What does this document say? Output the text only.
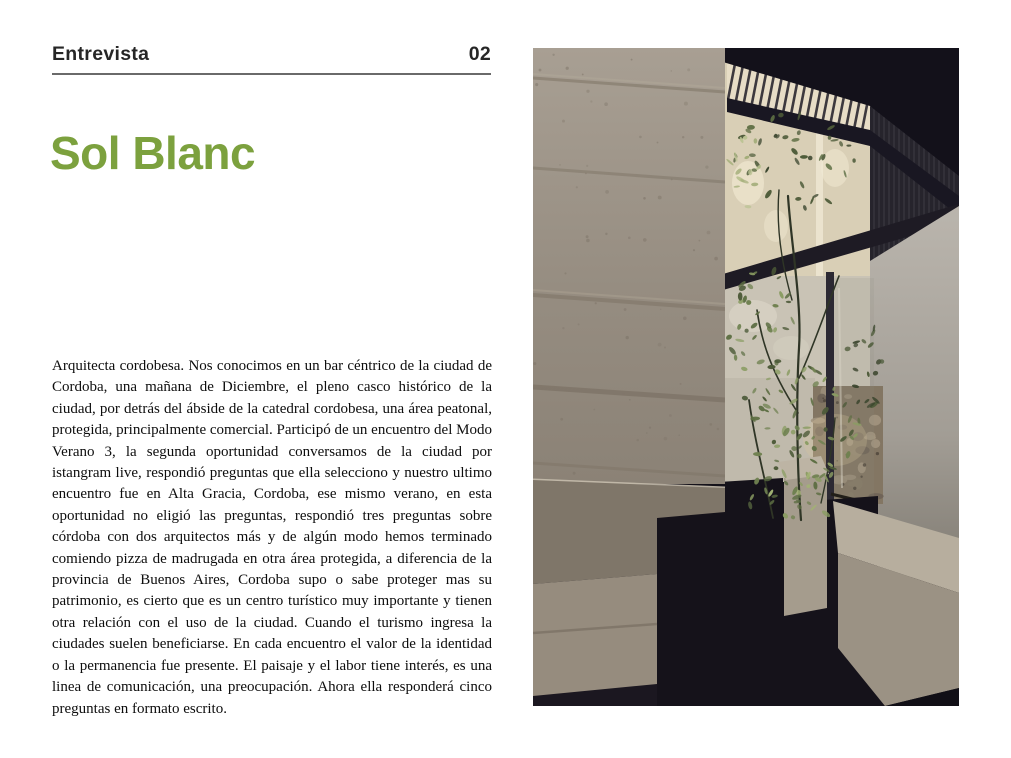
Entrevista	02
Sol Blanc

Arquitecta cordobesa. Nos conocimos en un bar céntrico de la ciudad de Cordoba, una mañana de Diciembre, el pleno casco histórico de la ciudad, por detrás del ábside de la catedral cordobesa, una área peatonal, protegida, principalmente comercial. Participó de un encuentro del Modo Verano 3, la segunda oportunidad conversamos de la ciudad por istangram live, respondió preguntas que ella selecciono y nuestro ultimo encuentro fue en Alta Gracia, Cordoba, ese mismo verano, en esta oportunidad no eligió las preguntas, respondió tres preguntas sobre córdoba con dos arquitectos más y de algún modo hemos terminado comiendo pizza de madrugada en otra área protegida, a diferencia de la provincia de Buenos Aires, Cordoba supo o sabe proteger mas su patrimonio, es cierto que es un centro turístico muy importante y tienen otra relación con el uso de la ciudad. Cuando el turismo ingresa la ciudades suelen beneficiarse. En cada encuentro el valor de la identidad o la permanencia fue presente. El paisaje y el labor tiene interés, es una linea de comunicación, una preocupación. Ahora ella responderá cinco preguntas en formato escrito.
